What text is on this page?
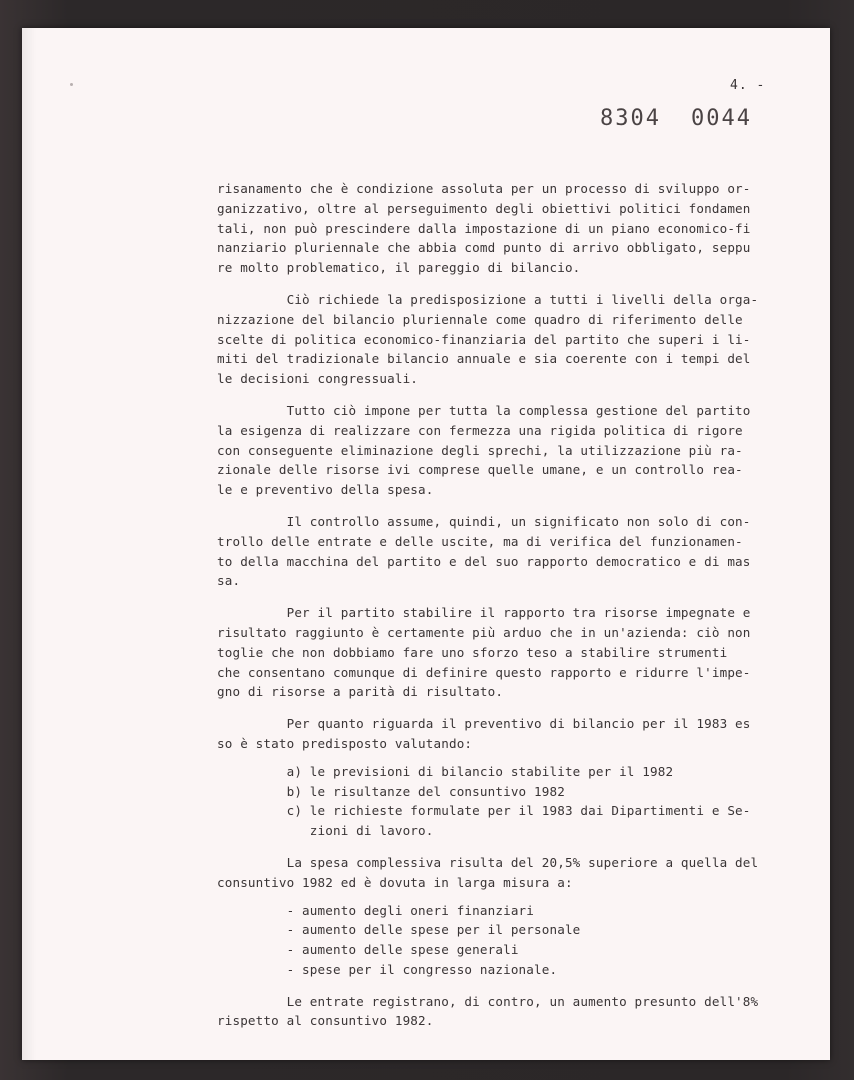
4. -
8304 0044
risanamento che è condizione assoluta per un processo di sviluppo or-
ganizzativo, oltre al perseguimento degli obiettivi politici fondamen
tali, non può prescindere dalla impostazione di un piano economico-fi
nanziario pluriennale che abbia comd punto di arrivo obbligato, seppu
re molto problematico, il pareggio di bilancio.
Ciò richiede la predisposizione a tutti i livelli della orga-
nizzazione del bilancio pluriennale come quadro di riferimento delle
scelte di politica economico-finanziaria del partito che superi i li-
miti del tradizionale bilancio annuale e sia coerente con i tempi del
le decisioni congressuali.
Tutto ciò impone per tutta la complessa gestione del partito
la esigenza di realizzare con fermezza una rigida politica di rigore
con conseguente eliminazione degli sprechi, la utilizzazione più ra-
zionale delle risorse ivi comprese quelle umane, e un controllo rea-
le e preventivo della spesa.
Il controllo assume, quindi, un significato non solo di con-
trollo delle entrate e delle uscite, ma di verifica del funzionamen-
to della macchina del partito e del suo rapporto democratico e di mas
sa.
Per il partito stabilire il rapporto tra risorse impegnate e
risultato raggiunto è certamente più arduo che in un'azienda: ciò non
toglie che non dobbiamo fare uno sforzo teso a stabilire strumenti
che consentano comunque di definire questo rapporto e ridurre l'impe-
gno di risorse a parità di risultato.
Per quanto riguarda il preventivo di bilancio per il 1983 es
so è stato predisposto valutando:
a) le previsioni di bilancio stabilite per il 1982
b) le risultanze del consuntivo 1982
c) le richieste formulate per il 1983 dai Dipartimenti e Se-
zioni di lavoro.
La spesa complessiva risulta del 20,5% superiore a quella del
consuntivo 1982 ed è dovuta in larga misura a:
- aumento degli oneri finanziari
- aumento delle spese per il personale
- aumento delle spese generali
- spese per il congresso nazionale.
Le entrate registrano, di contro, un aumento presunto dell'8%
rispetto al consuntivo 1982.
